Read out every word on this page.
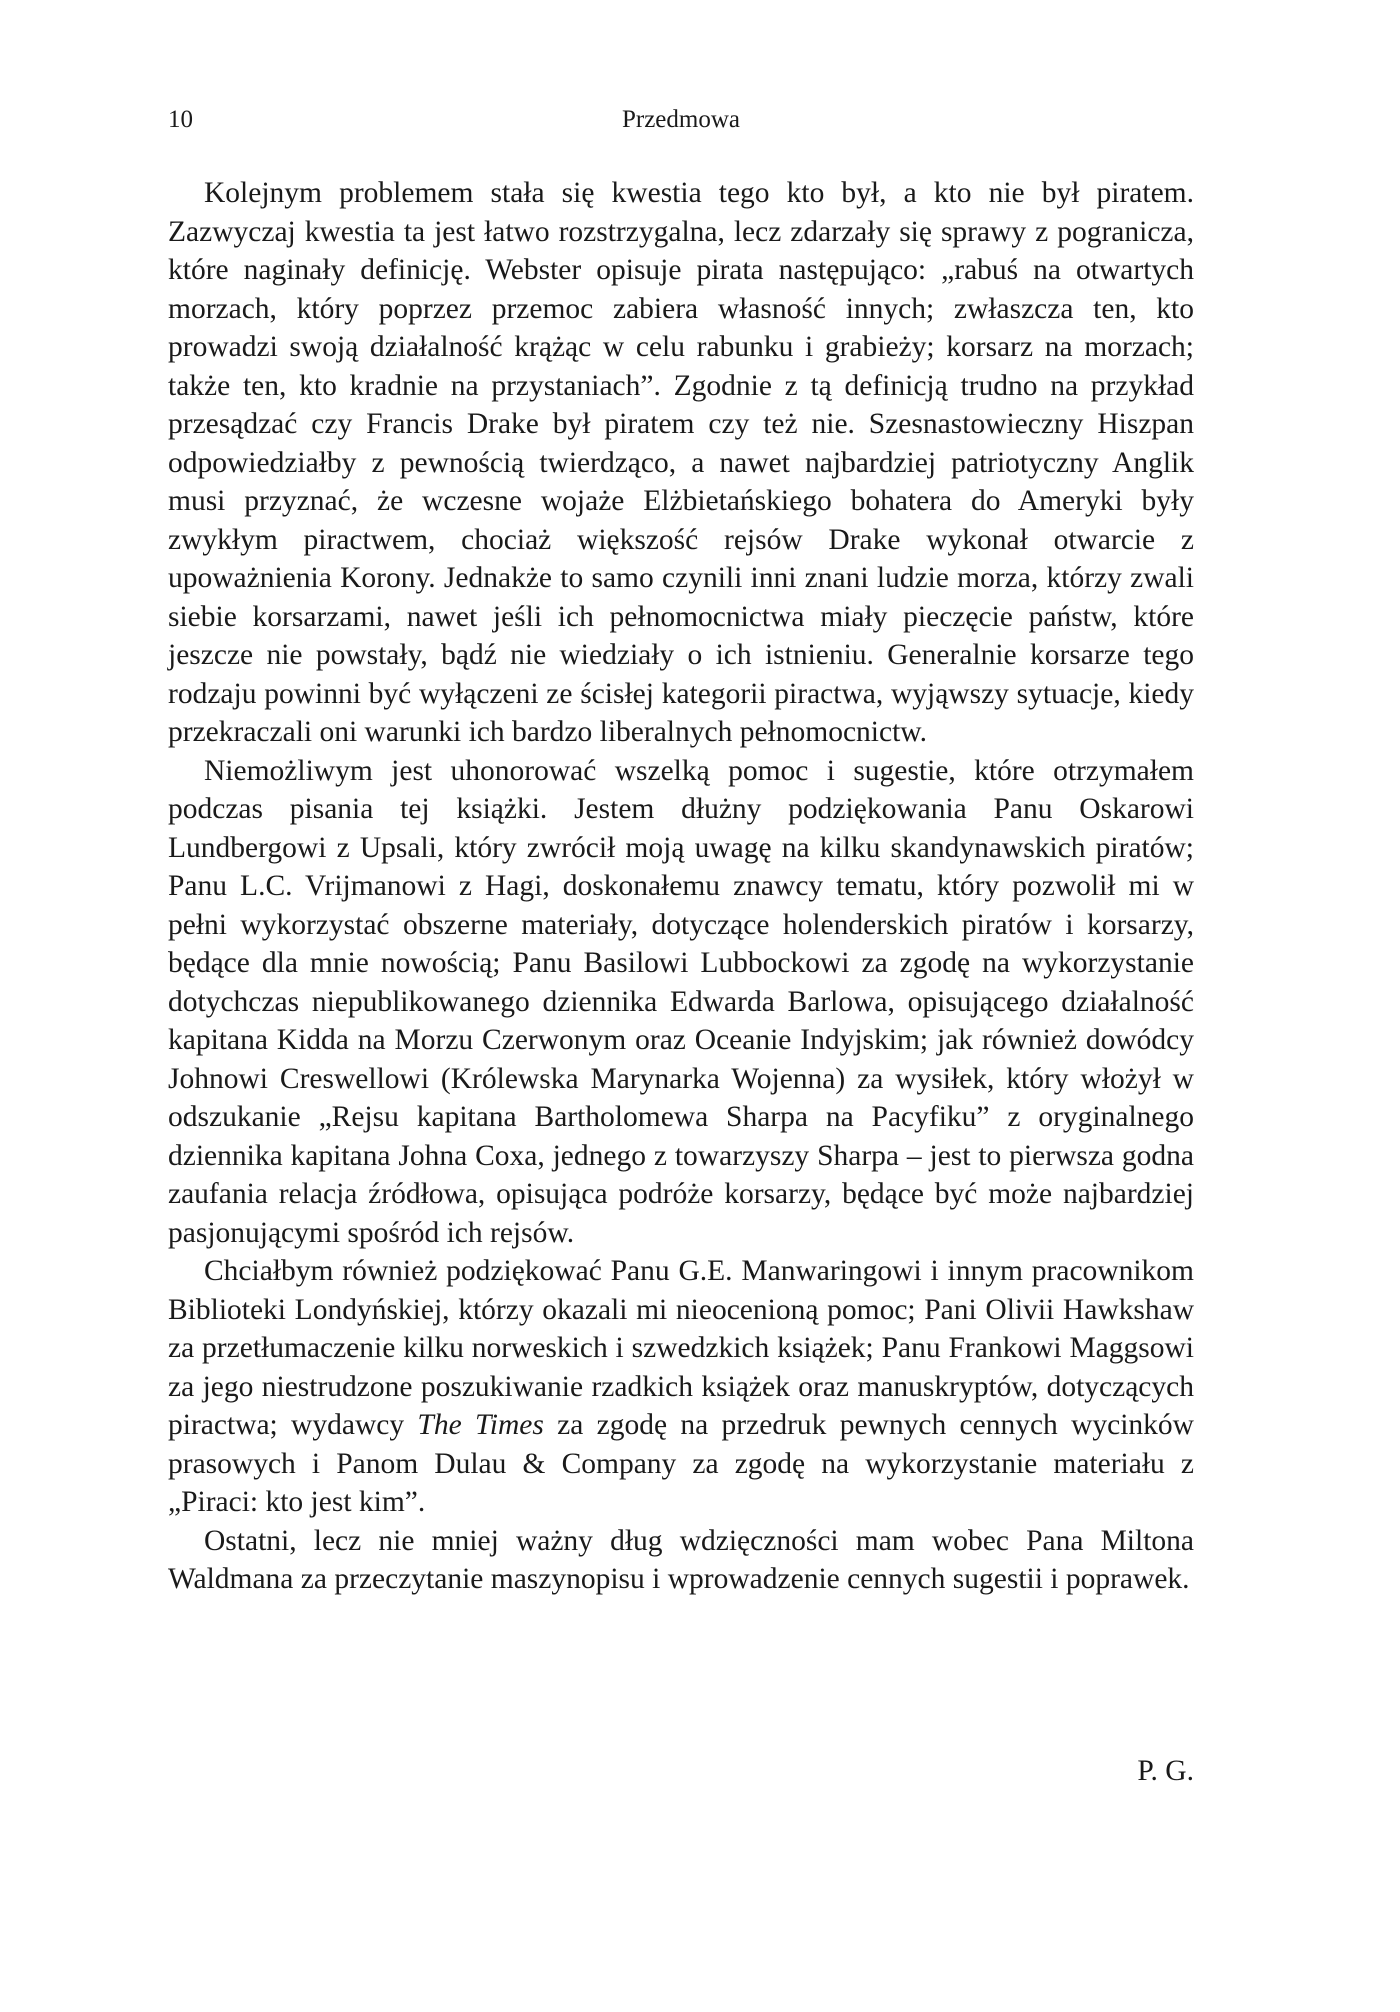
10	Przedmowa

Kolejnym problemem stała się kwestia tego kto był, a kto nie był piratem. Zazwyczaj kwestia ta jest łatwo rozstrzygalna, lecz zdarzały się sprawy z pogranicza, które naginały definicję. Webster opisuje pirata następująco: „rabuś na otwartych morzach, który poprzez przemoc zabiera własność innych; zwłaszcza ten, kto prowadzi swoją działalność krążąc w celu rabunku i grabieży; korsarz na morzach; także ten, kto kradnie na przystaniach”. Zgodnie z tą definicją trudno na przykład przesądzać czy Francis Drake był piratem czy też nie. Szesnastowieczny Hiszpan odpowiedziałby z pewnością twierdząco, a nawet najbardziej patriotyczny Anglik musi przyznać, że wczesne wojaże Elżbietańskiego bohatera do Ameryki były zwykłym piractwem, chociaż większość rejsów Drake wykonał otwarcie z upoważnienia Korony. Jednakże to samo czynili inni znani ludzie morza, którzy zwali siebie korsarzami, nawet jeśli ich pełnomocnictwa miały pieczęcie państw, które jeszcze nie powstały, bądź nie wiedziały o ich istnieniu. Generalnie korsarze tego rodzaju powinni być wyłączeni ze ścisłej kategorii piractwa, wyjąwszy sytuacje, kiedy przekraczali oni warunki ich bardzo liberalnych pełnomocnictw.

Niemożliwym jest uhonorować wszelką pomoc i sugestie, które otrzymałem podczas pisania tej książki. Jestem dłużny podziękowania Panu Oskarowi Lundbergowi z Upsali, który zwrócił moją uwagę na kilku skandynawskich piratów; Panu L.C. Vrijmanowi z Hagi, doskonałemu znawcy tematu, który pozwolił mi w pełni wykorzystać obszerne materiały, dotyczące holenderskich piratów i korsarzy, będące dla mnie nowością; Panu Basilowi Lubbockowi za zgodę na wykorzystanie dotychczas niepublikowanego dziennika Edwarda Barlowa, opisującego działalność kapitana Kidda na Morzu Czerwonym oraz Oceanie Indyjskim; jak również dowódcy Johnowi Creswellowi (Królewska Marynarka Wojenna) za wysiłek, który włożył w odszukanie „Rejsu kapitana Bartholomewa Sharpa na Pacyfiku” z oryginalnego dziennika kapitana Johna Coxa, jednego z towarzyszy Sharpa – jest to pierwsza godna zaufania relacja źródłowa, opisująca podróże korsarzy, będące być może najbardziej pasjonującymi spośród ich rejsów.

Chciałbym również podziękować Panu G.E. Manwaringowi i innym pracownikom Biblioteki Londyńskiej, którzy okazali mi nieocenioną pomoc; Pani Olivii Hawkshaw za przetłumaczenie kilku norweskich i szwedzkich książek; Panu Frankowi Maggsowi za jego niestrudzone poszukiwanie rzadkich książek oraz manuskryptów, dotyczących piractwa; wydawcy The Times za zgodę na przedruk pewnych cennych wycinków prasowych i Panom Dulau & Company za zgodę na wykorzystanie materiału z „Piraci: kto jest kim”.

Ostatni, lecz nie mniej ważny dług wdzięczności mam wobec Pana Miltona Waldmana za przeczytanie maszynopisu i wprowadzenie cennych sugestii i poprawek.

P. G.
